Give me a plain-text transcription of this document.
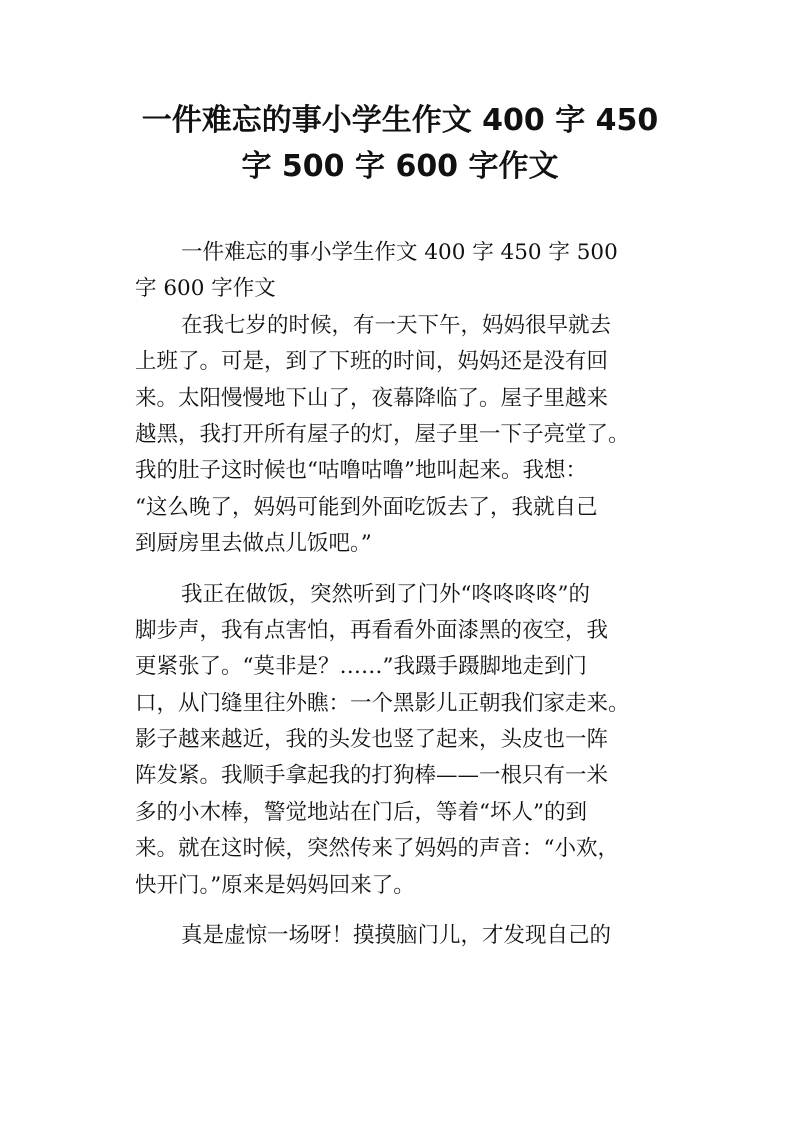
一件难忘的事小学生作文 400 字 450
字 500 字 600 字作文
一件难忘的事小学生作文 400 字 450 字 500
字 600 字作文
在我七岁的时候，有一天下午，妈妈很早就去
上班了。可是，到了下班的时间，妈妈还是没有回
来。太阳慢慢地下山了，夜幕降临了。屋子里越来
越黑，我打开所有屋子的灯，屋子里一下子亮堂了。
我的肚子这时候也“咕噜咕噜”地叫起来。我想：
“这么晚了，妈妈可能到外面吃饭去了，我就自己
到厨房里去做点儿饭吧。”
我正在做饭，突然听到了门外“咚咚咚咚”的
脚步声，我有点害怕，再看看外面漆黑的夜空，我
更紧张了。“莫非是？……”我蹑手蹑脚地走到门
口，从门缝里往外瞧：一个黑影儿正朝我们家走来。
影子越来越近，我的头发也竖了起来，头皮也一阵
阵发紧。我顺手拿起我的打狗棒——一根只有一米
多的小木棒，警觉地站在门后，等着“坏人”的到
来。就在这时候，突然传来了妈妈的声音：“小欢，
快开门。”原来是妈妈回来了。
真是虚惊一场呀！摸摸脑门儿，才发现自己的
